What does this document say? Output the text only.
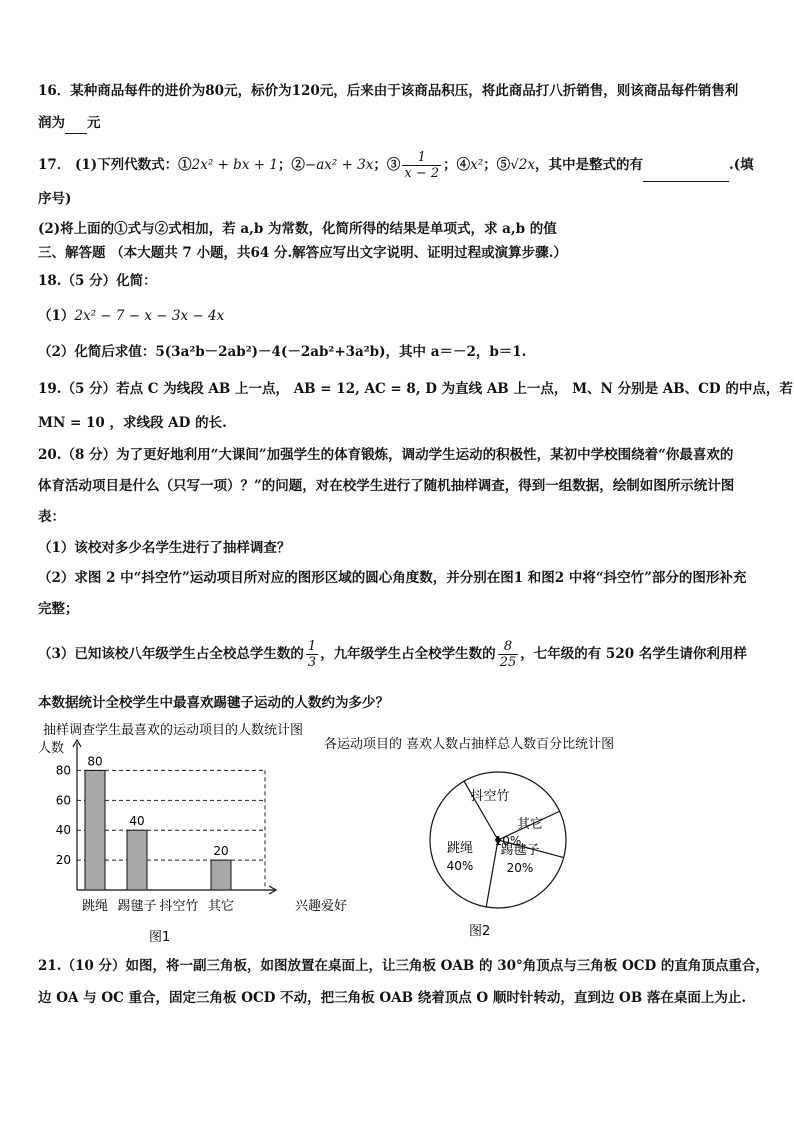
16．某种商品每件的进价为80元，标价为120元，后来由于该商品积压，将此商品打八折销售，则该商品每件销售利
润为 元
17． (1)下列代数式：①2x² + bx + 1；②−ax² + 3x；③ $\frac{1}{x - 2}$ ；④x²；⑤√2x，其中是整式的有	.(填
序号)
(2)将上面的①式与②式相加，若 a,b 为常数，化简所得的结果是单项式，求 a,b 的值
三、解答题 （本大题共 7 小题，共64 分.解答应写出文字说明、证明过程或演算步骤.）
18.（5 分）化简：
（1）2x² − 7 − x − 3x − 4x
（2）化简后求值：5(3a²b－2ab²)－4(－2ab²+3a²b)，其中 a＝－2，b＝1.
19.（5 分）若点 C 为线段 AB 上一点， AB = 12, AC = 8, D 为直线 AB 上一点， M、N 分别是 AB、CD 的中点，若
MN = 10 ，求线段 AD 的长.
20.（8 分）为了更好地利用“大课间”加强学生的体育锻炼，调动学生运动的积极性，某初中学校围绕着“你最喜欢的
体育活动项目是什么（只写一项）？”的问题，对在校学生进行了随机抽样调查，得到一组数据，绘制如图所示统计图
表：
（1）该校对多少名学生进行了抽样调查？
（2）求图 2 中“抖空竹”运动项目所对应的图形区域的圆心角度数，并分别在图1 和图2 中将“抖空竹”部分的图形补充
完整；
（3）已知该校八年级学生占全校总学生数的 $\frac{1}{3}$ ，九年级学生占全校学生数的 $\frac{8}{25}$ ，七年级的有 520 名学生请你利用样
本数据统计全校学生中最喜欢踢毽子运动的人数约为多少？
抽样调查学生最喜欢的运动项目的人数统计图
人数
20
40
60
80
80
跳绳
40
踢毽子 抖空竹
20
其它	兴趣爱好
图1
各运动项目的 喜欢人数占抽样总人数百分比统计图
跳绳
40%
踢毽子
20%
其它
10%
抖空竹
图2
21.（10 分）如图，将一副三角板，如图放置在桌面上，让三角板 OAB 的 30°角顶点与三角板 OCD 的直角顶点重合，
边 OA 与 OC 重合，固定三角板 OCD 不动，把三角板 OAB 绕着顶点 O 顺时针转动，直到边 OB 落在桌面上为止.
